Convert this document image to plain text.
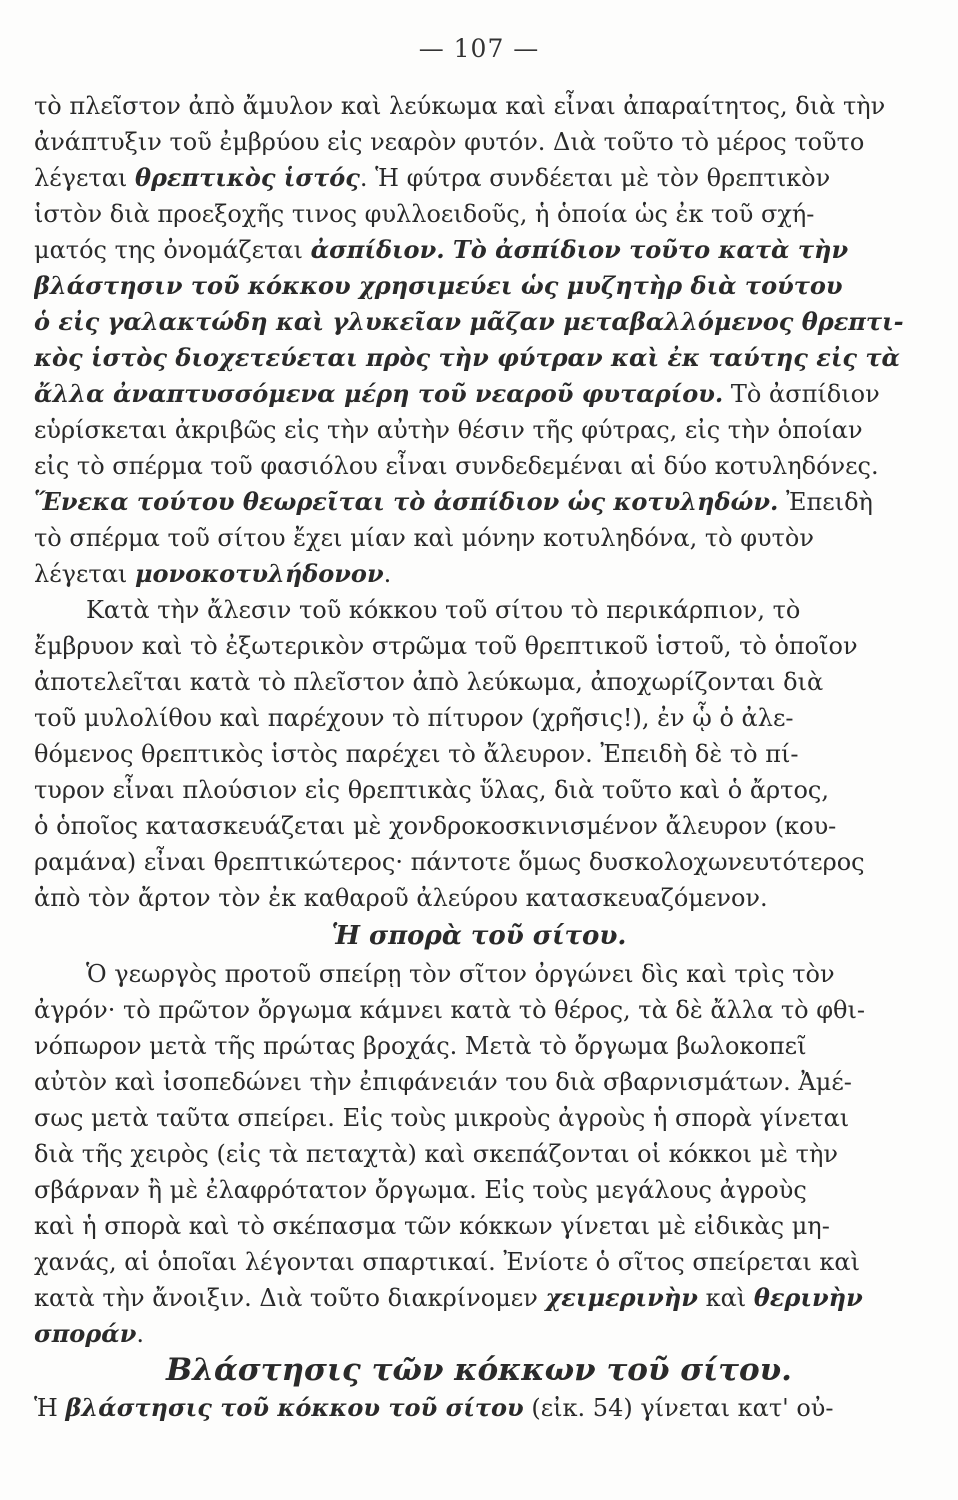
— 107 —
τὸ πλεῖστον ἀπὸ ἄμυλον καὶ λεύκωμα καὶ εἶναι ἀπαραίτητος, διὰ τὴν
ἀνάπτυξιν τοῦ ἐμβρύου εἰς νεαρὸν φυτόν. Διὰ τοῦτο τὸ μέρος τοῦτο
λέγεται θρεπτικὸς ἱστός. Ἡ φύτρα συνδέεται μὲ τὸν θρεπτικὸν
ἱστὸν διὰ προεξοχῆς τινος φυλλοειδοῦς, ἡ ὁποία ὡς ἐκ τοῦ σχή-
ματός της ὀνομάζεται ἀσπίδιον. Τὸ ἀσπίδιον τοῦτο κατὰ τὴν
βλάστησιν τοῦ κόκκου χρησιμεύει ὡς μυζητὴρ διὰ τούτου
ὁ εἰς γαλακτώδη καὶ γλυκεῖαν μᾶζαν μεταβαλλόμενος θρεπτι-
κὸς ἱστὸς διοχετεύεται πρὸς τὴν φύτραν καὶ ἐκ ταύτης εἰς τὰ
ἄλλα ἀναπτυσσόμενα μέρη τοῦ νεαροῦ φυταρίου. Τὸ ἀσπίδιον
εὑρίσκεται ἀκριβῶς εἰς τὴν αὐτὴν θέσιν τῆς φύτρας, εἰς τὴν ὁποίαν
εἰς τὸ σπέρμα τοῦ φασιόλου εἶναι συνδεδεμέναι αἱ δύο κοτυληδόνες.
Ἕνεκα τούτου θεωρεῖται τὸ ἀσπίδιον ὡς κοτυληδών. Ἐπειδὴ
τὸ σπέρμα τοῦ σίτου ἔχει μίαν καὶ μόνην κοτυληδόνα, τὸ φυτὸν
λέγεται μονοκοτυλήδονον.
Κατὰ τὴν ἄλεσιν τοῦ κόκκου τοῦ σίτου τὸ περικάρπιον, τὸ
ἔμβρυον καὶ τὸ ἐξωτερικὸν στρῶμα τοῦ θρεπτικοῦ ἱστοῦ, τὸ ὁποῖον
ἀποτελεῖται κατὰ τὸ πλεῖστον ἀπὸ λεύκωμα, ἀποχωρίζονται διὰ
τοῦ μυλολίθου καὶ παρέχουν τὸ πίτυρον (χρῆσις!), ἐν ᾧ ὁ ἀλε-
θόμενος θρεπτικὸς ἱστὸς παρέχει τὸ ἄλευρον. Ἐπειδὴ δὲ τὸ πί-
τυρον εἶναι πλούσιον εἰς θρεπτικὰς ὕλας, διὰ τοῦτο καὶ ὁ ἄρτος,
ὁ ὁποῖος κατασκευάζεται μὲ χονδροκοσκινισμένον ἄλευρον (κου-
ραμάνα) εἶναι θρεπτικώτερος· πάντοτε ὅμως δυσκολοχωνευτότερος
ἀπὸ τὸν ἄρτον τὸν ἐκ καθαροῦ ἀλεύρου κατασκευαζόμενον.
Ἡ σπορὰ τοῦ σίτου.
Ὁ γεωργὸς προτοῦ σπείρῃ τὸν σῖτον ὀργώνει δὶς καὶ τρὶς τὸν
ἀγρόν· τὸ πρῶτον ὄργωμα κάμνει κατὰ τὸ θέρος, τὰ δὲ ἄλλα τὸ φθι-
νόπωρον μετὰ τῆς πρώτας βροχάς. Μετὰ τὸ ὄργωμα βωλοκοπεῖ
αὐτὸν καὶ ἰσοπεδώνει τὴν ἐπιφάνειάν του διὰ σβαρνισμάτων. Ἀμέ-
σως μετὰ ταῦτα σπείρει. Εἰς τοὺς μικροὺς ἀγροὺς ἡ σπορὰ γίνεται
διὰ τῆς χειρὸς (εἰς τὰ πεταχτὰ) καὶ σκεπάζονται οἱ κόκκοι μὲ τὴν
σβάρναν ἢ μὲ ἐλαφρότατον ὄργωμα. Εἰς τοὺς μεγάλους ἀγροὺς
καὶ ἡ σπορὰ καὶ τὸ σκέπασμα τῶν κόκκων γίνεται μὲ εἰδικὰς μη-
χανάς, αἱ ὁποῖαι λέγονται σπαρτικαί. Ἐνίοτε ὁ σῖτος σπείρεται καὶ
κατὰ τὴν ἄνοιξιν. Διὰ τοῦτο διακρίνομεν χειμερινὴν καὶ θερινὴν
σποράν.
Βλάστησις τῶν κόκκων τοῦ σίτου.
Ἡ βλάστησις τοῦ κόκκου τοῦ σίτου (εἰκ. 54) γίνεται κατ' οὐ-
